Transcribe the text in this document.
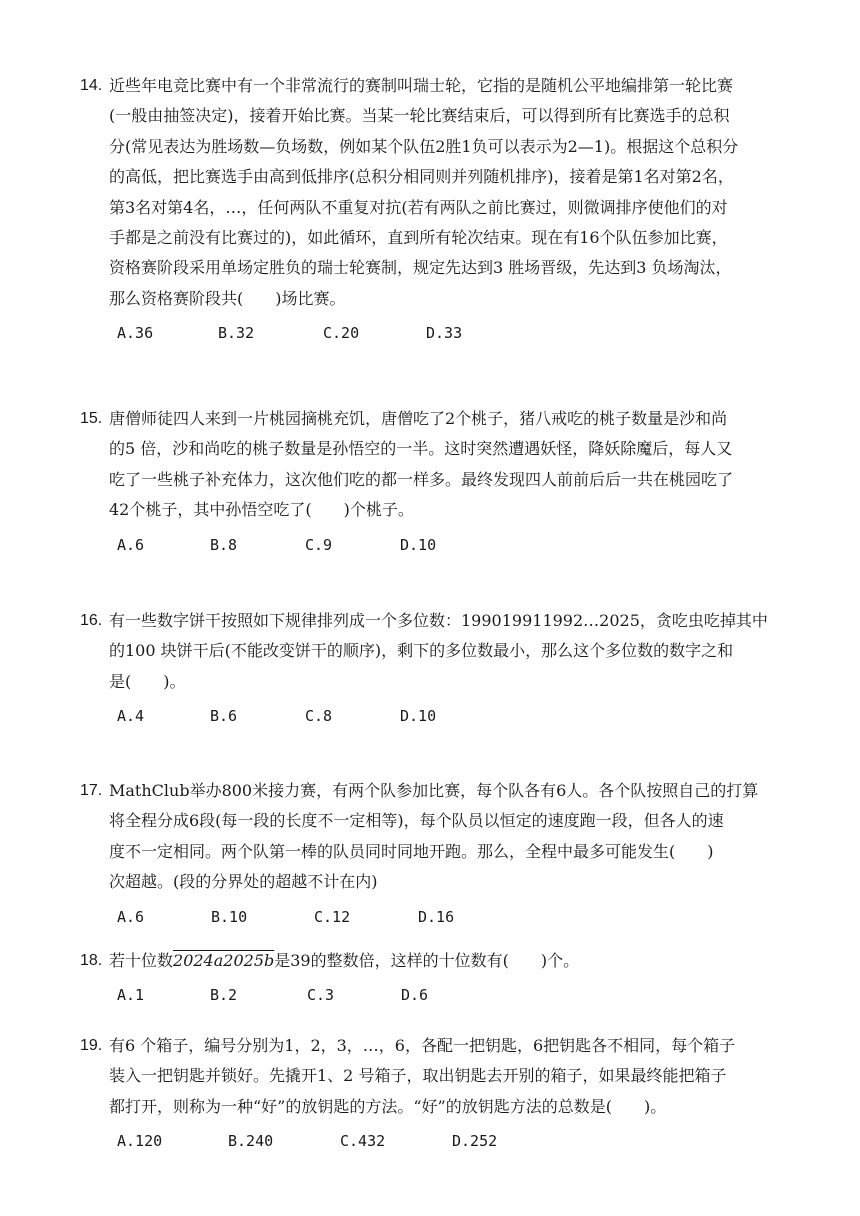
14. 近些年电竞比赛中有一个非常流行的赛制叫瑞士轮，它指的是随机公平地编排第一轮比赛
(一般由抽签决定)，接着开始比赛。当某一轮比赛结束后，可以得到所有比赛选手的总积
分(常见表达为胜场数—负场数，例如某个队伍2胜1负可以表示为2—1)。根据这个总积分
的高低，把比赛选手由高到低排序(总积分相同则并列随机排序)，接着是第1名对第2名，
第3名对第4名，…，任何两队不重复对抗(若有两队之前比赛过，则微调排序使他们的对
手都是之前没有比赛过的)，如此循环，直到所有轮次结束。现在有16个队伍参加比赛，
资格赛阶段采用单场定胜负的瑞士轮赛制，规定先达到3 胜场晋级，先达到3 负场淘汰，
那么资格赛阶段共(　　)场比赛。
A.36	B.32	C.20	D.33
15. 唐僧师徒四人来到一片桃园摘桃充饥，唐僧吃了2个桃子，猪八戒吃的桃子数量是沙和尚
的5 倍，沙和尚吃的桃子数量是孙悟空的一半。这时突然遭遇妖怪，降妖除魔后，每人又
吃了一些桃子补充体力，这次他们吃的都一样多。最终发现四人前前后后一共在桃园吃了
42个桃子，其中孙悟空吃了(　　)个桃子。
A.6	B.8	C.9	D.10
16. 有一些数字饼干按照如下规律排列成一个多位数：199019911992…2025，贪吃虫吃掉其中
的100 块饼干后(不能改变饼干的顺序)，剩下的多位数最小，那么这个多位数的数字之和
是(　　)。
A.4	B.6	C.8	D.10
17. MathClub举办800米接力赛，有两个队参加比赛，每个队各有6人。各个队按照自己的打算
将全程分成6段(每一段的长度不一定相等)，每个队员以恒定的速度跑一段，但各人的速
度不一定相同。两个队第一棒的队员同时同地开跑。那么，全程中最多可能发生(　　)
次超越。(段的分界处的超越不计在内)
A.6	B.10	C.12	D.16
18. 若十位数2024a2025b是39的整数倍，这样的十位数有(　　)个。
A.1	B.2	C.3	D.6
19. 有6 个箱子，编号分别为1，2，3，…，6，各配一把钥匙，6把钥匙各不相同，每个箱子
装入一把钥匙并锁好。先撬开1、2 号箱子，取出钥匙去开别的箱子，如果最终能把箱子
都打开，则称为一种“好”的放钥匙的方法。“好”的放钥匙方法的总数是(　　)。
A.120	B.240	C.432	D.252
